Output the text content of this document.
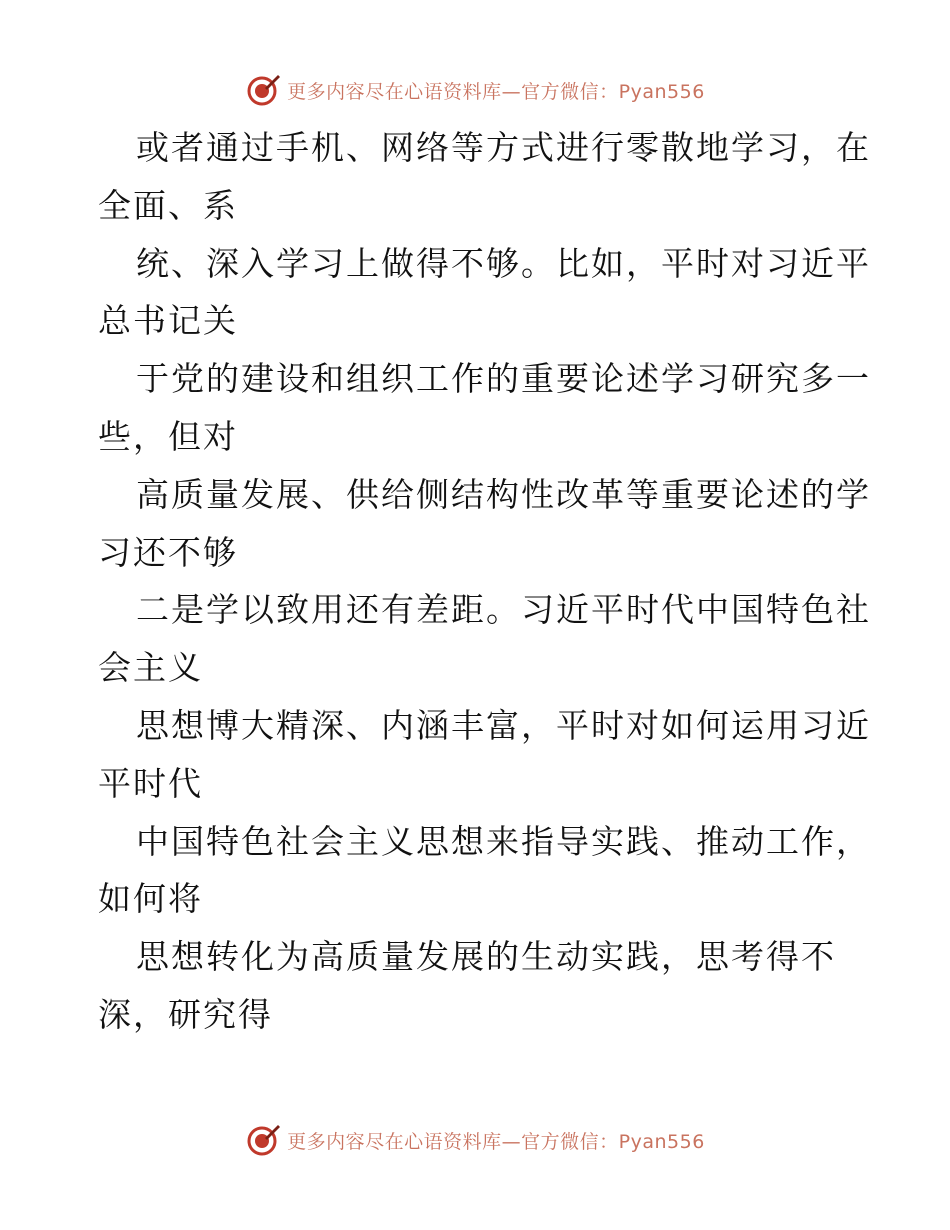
更多内容尽在心语资料库—官方微信：Pyan556
或者通过手机、网络等方式进行零散地学习，在
全面、系
统、深入学习上做得不够。比如，平时对习近平
总书记关
于党的建设和组织工作的重要论述学习研究多一
些，但对
高质量发展、供给侧结构性改革等重要论述的学
习还不够
二是学以致用还有差距。习近平时代中国特色社
会主义
思想博大精深、内涵丰富，平时对如何运用习近
平时代
中国特色社会主义思想来指导实践、推动工作，
如何将
思想转化为高质量发展的生动实践，思考得不
深，研究得
更多内容尽在心语资料库—官方微信：Pyan556
